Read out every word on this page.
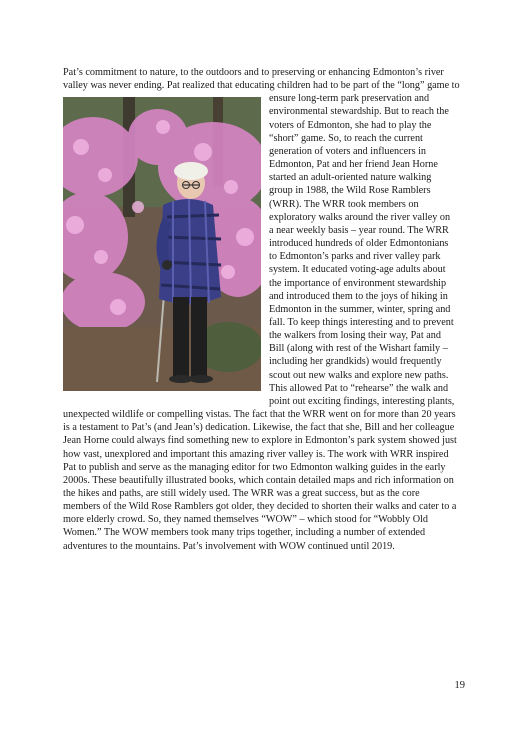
Pat’s commitment to nature, to the outdoors and to preserving or enhancing Edmonton’s river
valley was never ending. Pat realized that educating children had to be part of the “long” game to
ensure long-term park preservation and
environmental stewardship. But to reach the
voters of Edmonton, she had to play the
“short” game. So, to reach the current
generation of voters and influencers in
Edmonton, Pat and her friend Jean Horne
started an adult-oriented nature walking
group in 1988, the Wild Rose Ramblers
(WRR). The WRR took members on
exploratory walks around the river valley on
a near weekly basis – year round. The WRR
introduced hundreds of older Edmontonians
to Edmonton’s parks and river valley park
system. It educated voting-age adults about
the importance of environment stewardship
and introduced them to the joys of hiking in
Edmonton in the summer, winter, spring and
fall. To keep things interesting and to prevent
the walkers from losing their way, Pat and
Bill (along with rest of the Wishart family –
including her grandkids) would frequently
scout out new walks and explore new paths.
This allowed Pat to “rehearse” the walk and
point out exciting findings, interesting plants,
unexpected wildlife or compelling vistas. The fact that the WRR went on for more than 20 years
is a testament to Pat’s (and Jean’s) dedication. Likewise, the fact that she, Bill and her colleague
Jean Horne could always find something new to explore in Edmonton’s park system showed just
how vast, unexplored and important this amazing river valley is. The work with WRR inspired
Pat to publish and serve as the managing editor for two Edmonton walking guides in the early
2000s. These beautifully illustrated books, which contain detailed maps and rich information on
the hikes and paths, are still widely used. The WRR was a great success, but as the core
members of the Wild Rose Ramblers got older, they decided to shorten their walks and cater to a
more elderly crowd. So, they named themselves “WOW” – which stood for “Wobbly Old
Women.” The WOW members took many trips together, including a number of extended
adventures to the mountains. Pat’s involvement with WOW continued until 2019.
19
